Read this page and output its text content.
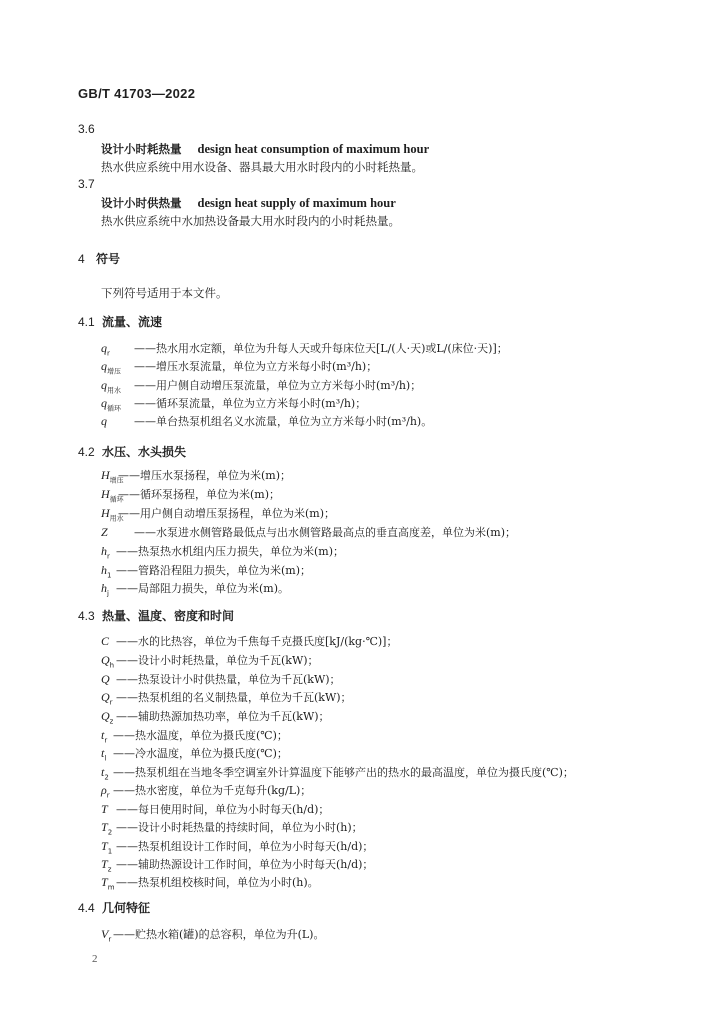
GB/T 41703—2022
3.6
设计小时耗热量 design heat consumption of maximum hour
热水供应系统中用水设备、器具最大用水时段内的小时耗热量。
3.7
设计小时供热量 design heat supply of maximum hour
热水供应系统中水加热设备最大用水时段内的小时耗热量。
4 符号
下列符号适用于本文件。
4.1 流量、流速
$q_r$ ——热水用水定额，单位为升每人天或升每床位天[L/(人·天)或L/(床位·天)]；
$q_{增压}$ ——增压水泵流量，单位为立方米每小时(m³/h)；
$q_{用水}$ ——用户侧自动增压泵流量，单位为立方米每小时(m³/h)；
$q_{循环}$ ——循环泵流量，单位为立方米每小时(m³/h)；
q ——单台热泵机组名义水流量，单位为立方米每小时(m³/h)。
4.2 水压、水头损失
$H_{增压}——$增压水泵扬程，单位为米(m)；
$H_{循环}——$循环泵扬程，单位为米(m)；
$H_{用水}——$用户侧自动增压泵扬程，单位为米(m)；
Z ——水泵进水侧管路最低点与出水侧管路最高点的垂直高度差，单位为米(m)；
$h_r$ ——热泵热水机组内压力损失，单位为米(m)；
$h_1$ ——管路沿程阻力损失，单位为米(m)；
$h_j$ ——局部阻力损失，单位为米(m)。
4.3 热量、温度、密度和时间
C ——水的比热容，单位为千焦每千克摄氏度[kJ/(kg·℃)]；
$Q_h$ ——设计小时耗热量，单位为千瓦(kW)；
Q ——热泵设计小时供热量，单位为千瓦(kW)；
$Q_r$ ——热泵机组的名义制热量，单位为千瓦(kW)；
$Q_z$ ——辅助热源加热功率，单位为千瓦(kW)；
$t_r$ ——热水温度，单位为摄氏度(℃)；
$t_l$ ——冷水温度，单位为摄氏度(℃)；
$t_2$ ——热泵机组在当地冬季空调室外计算温度下能够产出的热水的最高温度，单位为摄氏度(℃)；
$\rho_r$ ——热水密度，单位为千克每升(kg/L)；
T ——每日使用时间，单位为小时每天(h/d)；
$T_2$ ——设计小时耗热量的持续时间，单位为小时(h)；
$T_1$ ——热泵机组设计工作时间，单位为小时每天(h/d)；
$T_z$ ——辅助热源设计工作时间，单位为小时每天(h/d)；
$T_m——$热泵机组校核时间，单位为小时(h)。
4.4 几何特征
$V_r$ ——贮热水箱(罐)的总容积，单位为升(L)。
2
